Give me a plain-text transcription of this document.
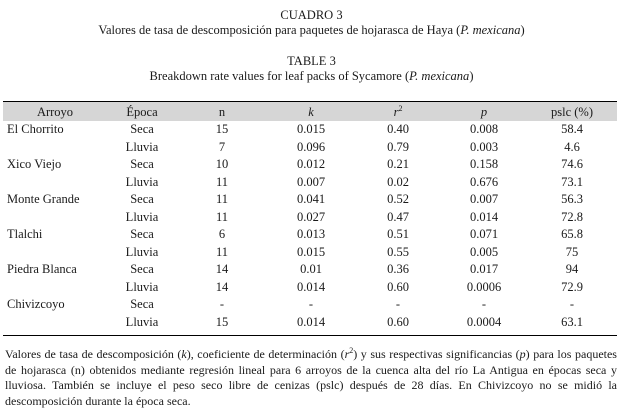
CUADRO 3
Valores de tasa de descomposición para paquetes de hojarasca de Haya (P. mexicana)
TABLE 3
Breakdown rate values for leaf packs of Sycamore (P. mexicana)
Arroyo	Época	n	k	$r^2$	p	pslc (%)
El Chorrito	Seca	15	0.015	0.40	0.008	58.4
Lluvia	7	0.096	0.79	0.003	4.6
Xico Viejo	Seca	10	0.012	0.21	0.158	74.6
Lluvia	11	0.007	0.02	0.676	73.1
Monte Grande	Seca	11	0.041	0.52	0.007	56.3
Lluvia	11	0.027	0.47	0.014	72.8
Tlalchi	Seca	6	0.013	0.51	0.071	65.8
Lluvia	11	0.015	0.55	0.005	75
Piedra Blanca	Seca	14	0.01	0.36	0.017	94
Lluvia	14	0.014	0.60	0.0006	72.9
Chivizcoyo	Seca	-	-	-	-	-
Lluvia	15	0.014	0.60	0.0004	63.1
Valores de tasa de descomposición (k), coeficiente de determinación $(r^2)$ y sus respectivas significancias (p) para los paquetes de hojarasca (n) obtenidos mediante regresión lineal para 6 arroyos de la cuenca alta del río La Antigua en épocas seca y lluviosa. También se incluye el peso seco libre de cenizas (pslc) después de 28 días. En Chivizcoyo no se midió la descomposición durante la época seca.
